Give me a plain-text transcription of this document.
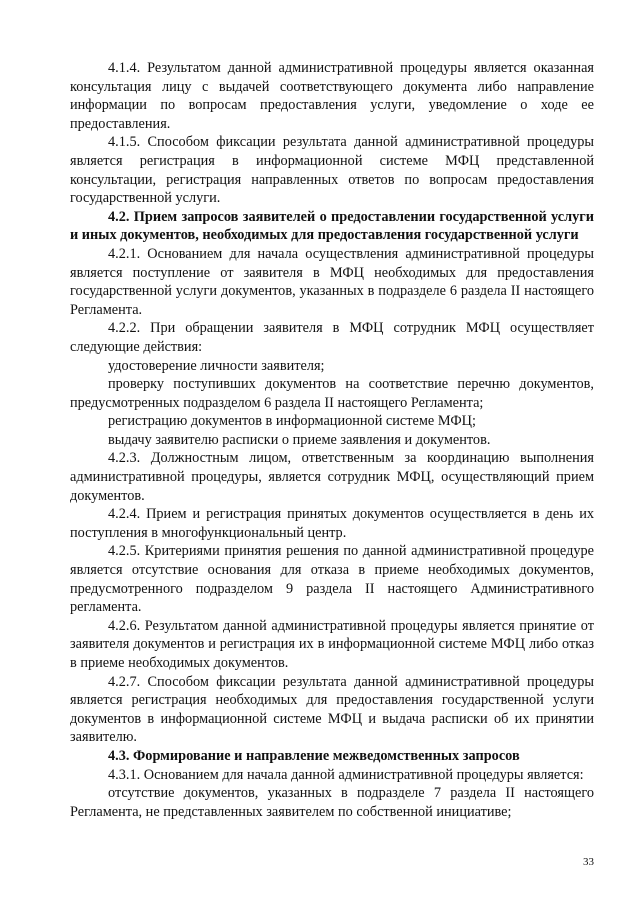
4.1.4. Результатом данной административной процедуры является оказанная консультация лицу с выдачей соответствующего документа либо направление информации по вопросам предоставления услуги, уведомление о ходе ее предоставления.

4.1.5. Способом фиксации результата данной административной процедуры является регистрация в информационной системе МФЦ представленной консультации, регистрация направленных ответов по вопросам предоставления государственной услуги.

4.2. Прием запросов заявителей о предоставлении государственной услуги и иных документов, необходимых для предоставления государственной услуги

4.2.1. Основанием для начала осуществления административной процедуры является поступление от заявителя в МФЦ необходимых для предоставления государственной услуги документов, указанных в подразделе 6 раздела II настоящего Регламента.

4.2.2. При обращении заявителя в МФЦ сотрудник МФЦ осуществляет следующие действия:

удостоверение личности заявителя;

проверку поступивших документов на соответствие перечню документов, предусмотренных подразделом 6 раздела II настоящего Регламента;

регистрацию документов в информационной системе МФЦ;

выдачу заявителю расписки о приеме заявления и документов.

4.2.3. Должностным лицом, ответственным за координацию выполнения административной процедуры, является сотрудник МФЦ, осуществляющий прием документов.

4.2.4. Прием и регистрация принятых документов осуществляется в день их поступления в многофункциональный центр.

4.2.5. Критериями принятия решения по данной административной процедуре является отсутствие основания для отказа в приеме необходимых документов, предусмотренного подразделом 9 раздела II настоящего Административного регламента.

4.2.6. Результатом данной административной процедуры является принятие от заявителя документов и регистрация их в информационной системе МФЦ либо отказ в приеме необходимых документов.

4.2.7. Способом фиксации результата данной административной процедуры является регистрация необходимых для предоставления государственной услуги документов в информационной системе МФЦ и выдача расписки об их принятии заявителю.

4.3. Формирование и направление межведомственных запросов

4.3.1. Основанием для начала данной административной процедуры является:

отсутствие документов, указанных в подразделе 7 раздела II настоящего Регламента, не представленных заявителем по собственной инициативе;

33
